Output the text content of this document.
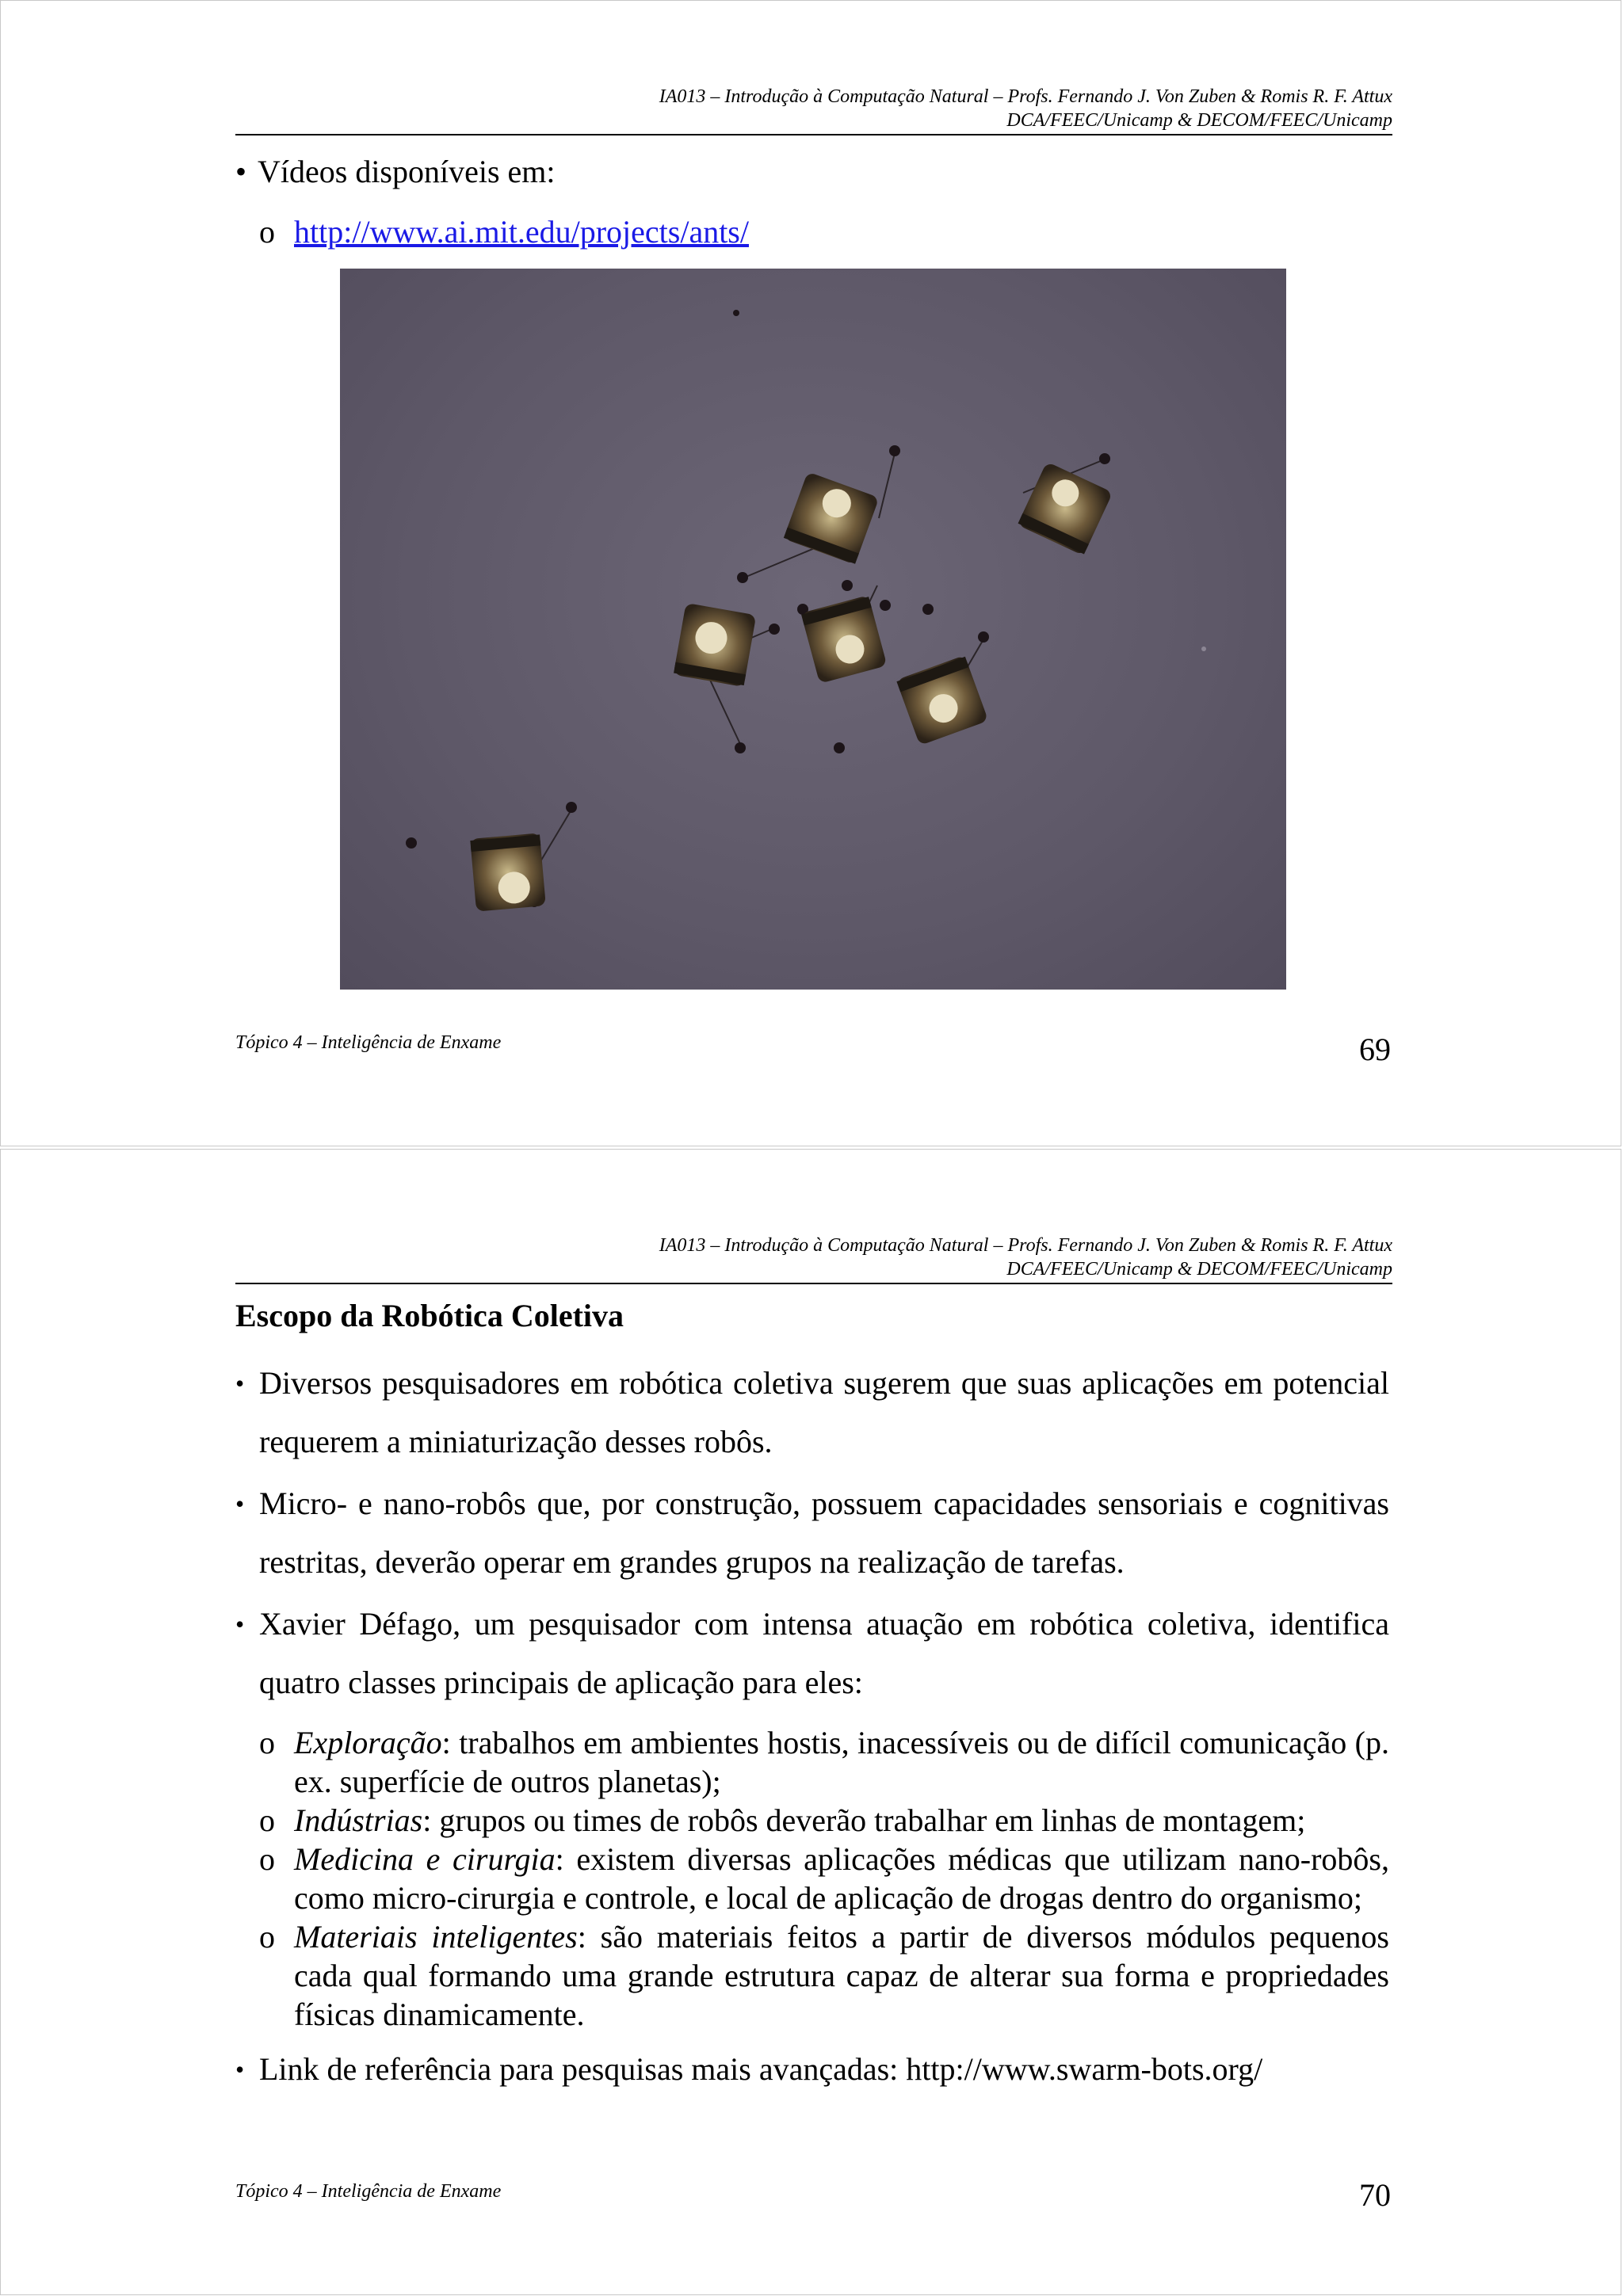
IA013 – Introdução à Computação Natural – Profs. Fernando J. Von Zuben & Romis R. F. Attux
DCA/FEEC/Unicamp & DECOM/FEEC/Unicamp
• Vídeos disponíveis em:
o http://www.ai.mit.edu/projects/ants/
Tópico 4 – Inteligência de Enxame	69
IA013 – Introdução à Computação Natural – Profs. Fernando J. Von Zuben & Romis R. F. Attux
DCA/FEEC/Unicamp & DECOM/FEEC/Unicamp
Escopo da Robótica Coletiva

• Diversos pesquisadores em robótica coletiva sugerem que suas aplicações em potencial requerem a miniaturização desses robôs.

• Micro- e nano-robôs que, por construção, possuem capacidades sensoriais e cognitivas restritas, deverão operar em grandes grupos na realização de tarefas.

• Xavier Défago, um pesquisador com intensa atuação em robótica coletiva, identifica quatro classes principais de aplicação para eles:

o Exploração: trabalhos em ambientes hostis, inacessíveis ou de difícil comunicação (p. ex. superfície de outros planetas);

o Indústrias: grupos ou times de robôs deverão trabalhar em linhas de montagem;

o Medicina e cirurgia: existem diversas aplicações médicas que utilizam nano-robôs, como micro-cirurgia e controle, e local de aplicação de drogas dentro do organismo;

o Materiais inteligentes: são materiais feitos a partir de diversos módulos pequenos cada qual formando uma grande estrutura capaz de alterar sua forma e propriedades físicas dinamicamente.

• Link de referência para pesquisas mais avançadas: http://www.swarm-bots.org/

Tópico 4 – Inteligência de Enxame	70
